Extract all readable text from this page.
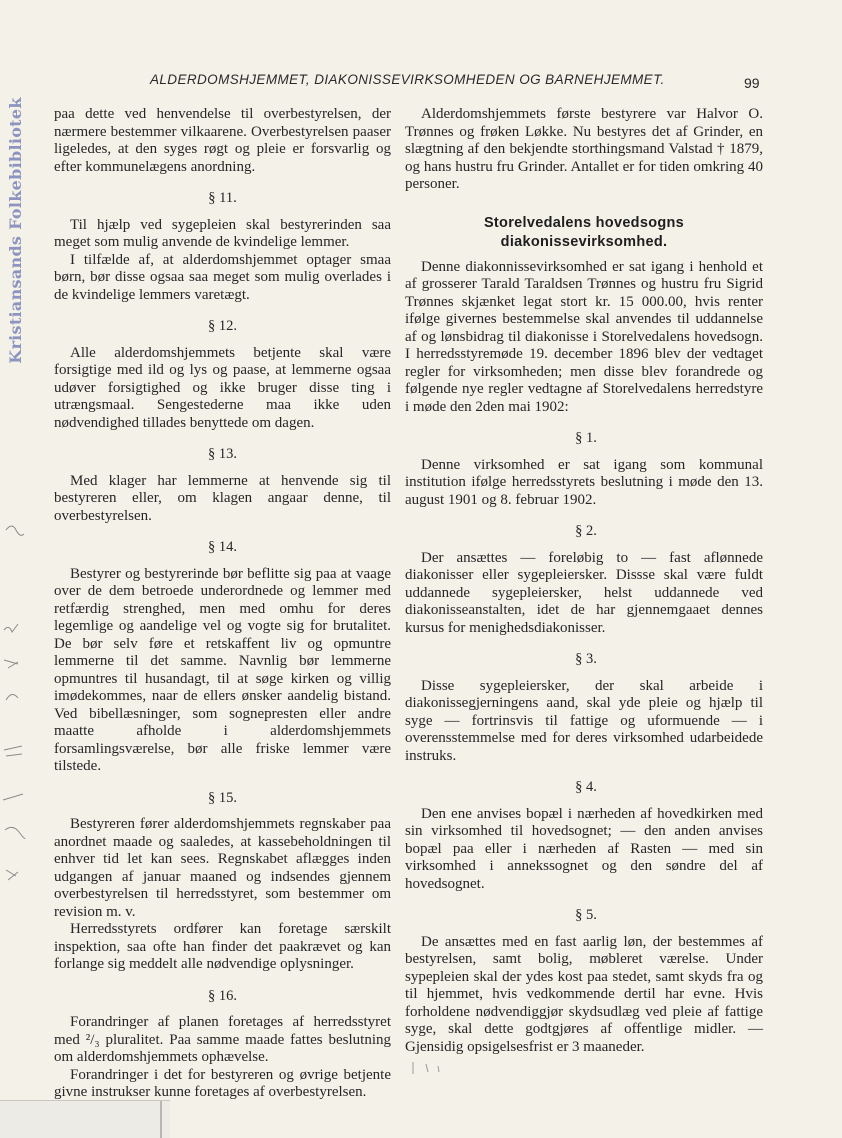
ALDERDOMSHJEMMET, DIAKONISSEVIRKSOMHEDEN OG BARNEHJEMMET.	99
Kristiansands Folkebibliotek paa dette ved henvendelse til overbestyrelsen, der nærmere bestemmer vilkaarene. Overbestyrelsen paaser ligeledes, at den syges røgt og pleie er forsvarlig og efter kommunelægens anordning.

§ 11.

Til hjælp ved sygepleien skal bestyrerinden saa meget som mulig anvende de kvindelige lemmer.

I tilfælde af, at alderdomshjemmet optager smaa børn, bør disse ogsaa saa meget som mulig overlades i de kvindelige lemmers varetægt.

§ 12.

Alle alderdomshjemmets betjente skal være forsigtige med ild og lys og paase, at lemmerne ogsaa udøver forsigtighed og ikke bruger disse ting i utrængsmaal. Sengestederne maa ikke uden nødvendighed tillades benyttede om dagen.

§ 13.

Med klager har lemmerne at henvende sig til bestyreren eller, om klagen angaar denne, til overbestyrelsen.

§ 14.

Bestyrer og bestyrerinde bør beflitte sig paa at vaage over de dem betroede underordnede og lemmer med retfærdig strenghed, men med omhu for deres legemlige og aandelige vel og vogte sig for brutalitet. De bør selv føre et retskaffent liv og opmuntre lemmerne til det samme. Navnlig bør lemmerne opmuntres til husandagt, til at søge kirken og villig imødekommes, naar de ellers ønsker aandelig bistand. Ved bibellæsninger, som sognepresten eller andre maatte afholde i alderdomshjemmets forsamlingsværelse, bør alle friske lemmer være tilstede.

§ 15.

Bestyreren fører alderdomshjemmets regnskaber paa anordnet maade og saaledes, at kassebeholdningen til enhver tid let kan sees. Regnskabet aflægges inden udgangen af januar maaned og indsendes gjennem overbestyrelsen til herredsstyret, som bestemmer om revision m. v.

Herredsstyrets ordfører kan foretage særskilt inspektion, saa ofte han finder det paakrævet og kan forlange sig meddelt alle nødvendige oplysninger.

§ 16.

Forandringer af planen foretages af herredsstyret med ²/₃ pluralitet. Paa samme maade fattes beslutning om alderdomshjemmets ophævelse.

Forandringer i det for bestyreren og øvrige betjente givne instrukser kunne foretages af overbestyrelsen.

Alderdomshjemmets første bestyrere var Halvor O. Trønnes og frøken Løkke. Nu bestyres det af Grinder, en slægtning af den bekjendte storthingsmand Valstad † 1879, og hans hustru fru Grinder. Antallet er for tiden omkring 40 personer.

Storelvedalens hovedsogns diakonissevirksomhed.

Denne diakonnissevirksomhed er sat igang i henhold et af grosserer Tarald Taraldsen Trønnes og hustru fru Sigrid Trønnes skjænket legat stort kr. 15 000.00, hvis renter ifølge givernes bestemmelse skal anvendes til uddannelse af og lønsbidrag til diakonisse i Storelvedalens hovedsogn. I herredsstyremøde 19. december 1896 blev der vedtaget regler for virksomheden; men disse blev forandrede og følgende nye regler vedtagne af Storelvedalens herredstyre i møde den 2den mai 1902:

§ 1.

Denne virksomhed er sat igang som kommunal institution ifølge herredsstyrets beslutning i møde den 13. august 1901 og 8. februar 1902.

§ 2.

Der ansættes — foreløbig to — fast aflønnede diakonisser eller sygepleiersker. Dissse skal være fuldt uddannede sygepleiersker, helst uddannede ved diakonisseanstalten, idet de har gjennemgaaet dennes kursus for menighedsdiakonisser.

§ 3.

Disse sygepleiersker, der skal arbeide i diakonissegjerningens aand, skal yde pleie og hjælp til syge — fortrinsvis til fattige og uformuende — i overensstemmelse med for deres virksomhed udarbeidede instruks.

§ 4.

Den ene anvises bopæl i nærheden af hovedkirken med sin virksomhed til hovedsognet; — den anden anvises bopæl paa eller i nærheden af Rasten — med sin virksomhed i annekssognet og den søndre del af hovedsognet.

§ 5.

De ansættes med en fast aarlig løn, der bestemmes af bestyrelsen, samt bolig, møbleret værelse. Under sypepleien skal der ydes kost paa stedet, samt skyds fra og til hjemmet, hvis vedkommende dertil har evne. Hvis forholdene nødvendiggjør skydsudlæg ved pleie af fattige syge, skal dette godtgjøres af offentlige midler. — Gjensidig opsigelsesfrist er 3 maaneder.
